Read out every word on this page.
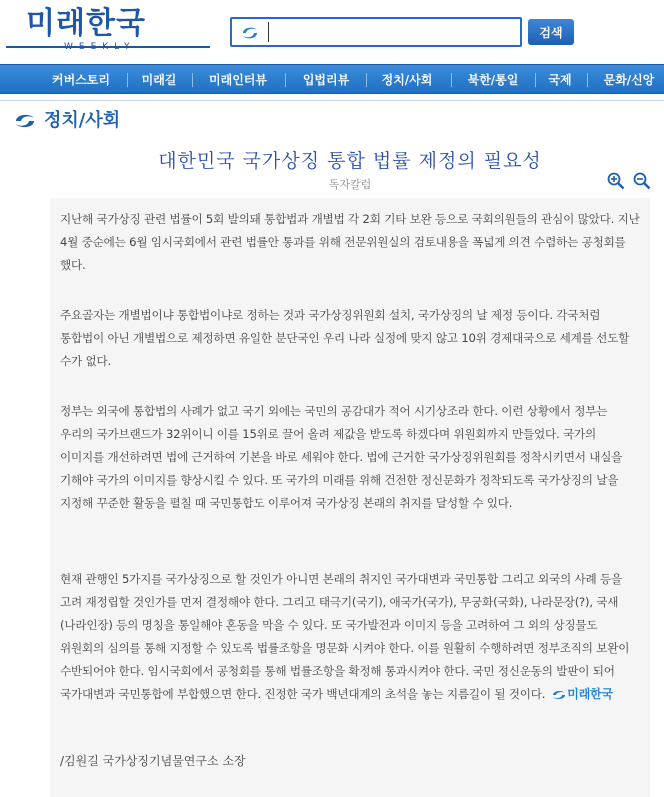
미래한국	검색
커버스토리	미래길	미래인터뷰	입법리뷰	정치/사회	북한/통일	국제	문화/신앙
정치/사회
대한민국 국가상징 통합 법률 제정의 필요성
독자칼럼

지난해 국가상징 관련 법률이 5회 발의돼 통합법과 개별법 각 2회 기타 보완 등으로 국회의원들의 관심이 많았다. 지난 4월 중순에는 6월 임시국회에서 관련 법률안 통과를 위해 전문위원실의 검토내용을 폭넓게 의견 수렴하는 공청회를 했다.

주요골자는 개별법이냐 통합법이냐로 정하는 것과 국가상징위원회 설치, 국가상징의 날 제정 등이다. 각국처럼 통합법이 아닌 개별법으로 제정하면 유일한 분단국인 우리 나라 실정에 맞지 않고 10위 경제대국으로 세계를 선도할 수가 없다.

정부는 외국에 통합법의 사례가 없고 국기 외에는 국민의 공감대가 적어 시기상조라 한다. 이런 상황에서 정부는 우리의 국가브랜드가 32위이니 이를 15위로 끌어 올려 제값을 받도록 하겠다며 위원회까지 만들었다. 국가의 이미지를 개선하려면 법에 근거하여 기본을 바로 세워야 한다. 법에 근거한 국가상징위원회를 정착시키면서 내실을 기해야 국가의 이미지를 향상시킬 수 있다. 또 국가의 미래를 위해 건전한 정신문화가 정착되도록 국가상징의 날을 지정해 꾸준한 활동을 펼칠 때 국민통합도 이루어져 국가상징 본래의 취지를 달성할 수 있다.

현재 관행인 5가지를 국가상징으로 할 것인가 아니면 본래의 취지인 국가대변과 국민통합 그리고 외국의 사례 등을 고려 재정립할 것인가를 먼저 결정해야 한다. 그리고 태극기(국기), 애국가(국가), 무궁화(국화), 나라문장(?), 국새(나라인장) 등의 명칭을 통일해야 혼동을 막을 수 있다. 또 국가발전과 이미지 등을 고려하여 그 외의 상징물도 위원회의 심의를 통해 지정할 수 있도록 법률조항을 명문화 시켜야 한다. 이를 원활히 수행하려면 정부조직의 보완이 수반되어야 한다. 임시국회에서 공청회를 통해 법률조항을 확정해 통과시켜야 한다. 국민 정신운동의 발판이 되어 국가대변과 국민통합에 부합했으면 한다. 진정한 국가 백년대계의 초석을 놓는 지름길이 될 것이다. 미래한국

/김원길 국가상징기념물연구소 소장
